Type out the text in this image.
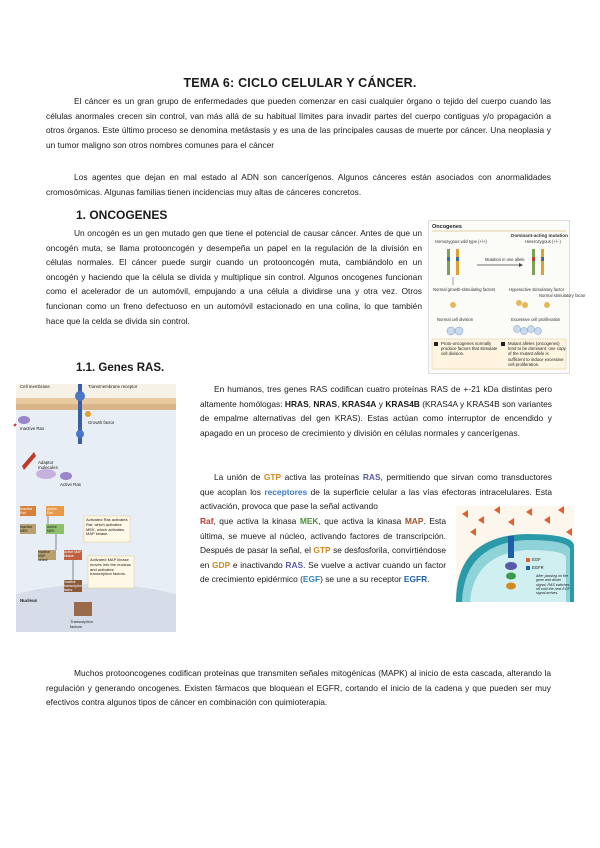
TEMA 6: CICLO CELULAR Y CÁNCER.
El cáncer es un gran grupo de enfermedades que pueden comenzar en casi cualquier órgano o tejido del cuerpo cuando las células anormales crecen sin control, van más allá de su habitual límites para invadir partes del cuerpo contiguas y/o propagación a otros órganos. Este último proceso se denomina metástasis y es una de las principales causas de muerte por cáncer. Una neoplasia y un tumor maligno son otros nombres comunes para el cáncer
Los agentes que dejan en mal estado al ADN son cancerígenos. Algunos cánceres están asociados con anormalidades cromosómicas. Algunas familias tienen incidencias muy altas de cánceres concretos.
1. ONCOGENES
Un oncogén es un gen mutado gen que tiene el potencial de causar cáncer. Antes de que un oncogén muta, se llama protooncogén y desempeña un papel en la regulación de la división en células normales. El cáncer puede surgir cuando un protooncogén muta, cambiándolo en un oncogén y haciendo que la célula se divida y multiplique sin control. Algunos oncogenes funcionan como el acelerador de un automóvil, empujando a una célula a dividirse una y otra vez. Otros funcionan como un freno defectuoso en un automóvil estacionado en una colina, lo que también hace que la celda se divida sin control.
Oncogenes
Dominant-acting mutation
Homozygous wild type (+/+)	Heterozygous (+/−)
Mutation in one allele
Normal growth-stimulating factors	Hyperactive stimulatory factor
Normal stimulatory factor
Normal cell division	Excessive cell proliferation
Proto-oncogenes normally produce factors that stimulate cell division.
Mutant alleles (oncogenes) tend to be dominant: one copy of the mutant allele is sufficient to induce excessive cell proliferation.
1.1. Genes RAS.
Cell membrane	Transmembrane receptor
Growth factor
Inactive Ras
Adaptor molecules
Active Ras
Inactive Raf
Active Raf
Inactive MEK
Active MEK
Inactive MAP kinase
Active MAP kinase
Activated Ras activates Raf, which activates MEK, which activates MAP kinase.
Activated MAP kinase moves into the nucleus and activates transcription factors.
Nucleus
Inactive transcription factor
Transcription factors
En humanos, tres genes RAS codifican cuatro proteínas RAS de +-21 kDa distintas pero altamente homólogas: HRAS, NRAS, KRAS4A y KRAS4B (KRAS4A y KRAS4B son variantes de empalme alternativas del gen KRAS). Estas actúan como interruptor de encendido y apagado en un proceso de crecimiento y división en células normales y cancerígenas.
La unión de GTP activa las proteínas RAS, permitiendo que sirvan como transductores que acoplan los receptores de la superficie celular a las vías efectoras intracelulares. Esta activación, provoca que pase la señal activando
Raf, que activa la kinasa MEK, que activa la kinasa MAP. Esta última, se mueve al núcleo, activando factores de transcripción. Después de pasar la señal, el GTP se desfosforila, convirtiéndose en GDP e inactivando RAS. Se vuelve a activar cuando un factor de crecimiento epidérmico (EGF) se une a su receptor EGFR.
EGF
EGFR
After passing on the gene and dimer signal, RAS switches off until the next EGF signal arrives.
Muchos protooncogenes codifican proteínas que transmiten señales mitogénicas (MAPK) al inicio de esta cascada, alterando la regulación y generando oncogenes. Existen fármacos que bloquean el EGFR, cortando el inicio de la cadena y que pueden ser muy efectivos contra algunos tipos de cáncer en combinación con quimioterapia.
